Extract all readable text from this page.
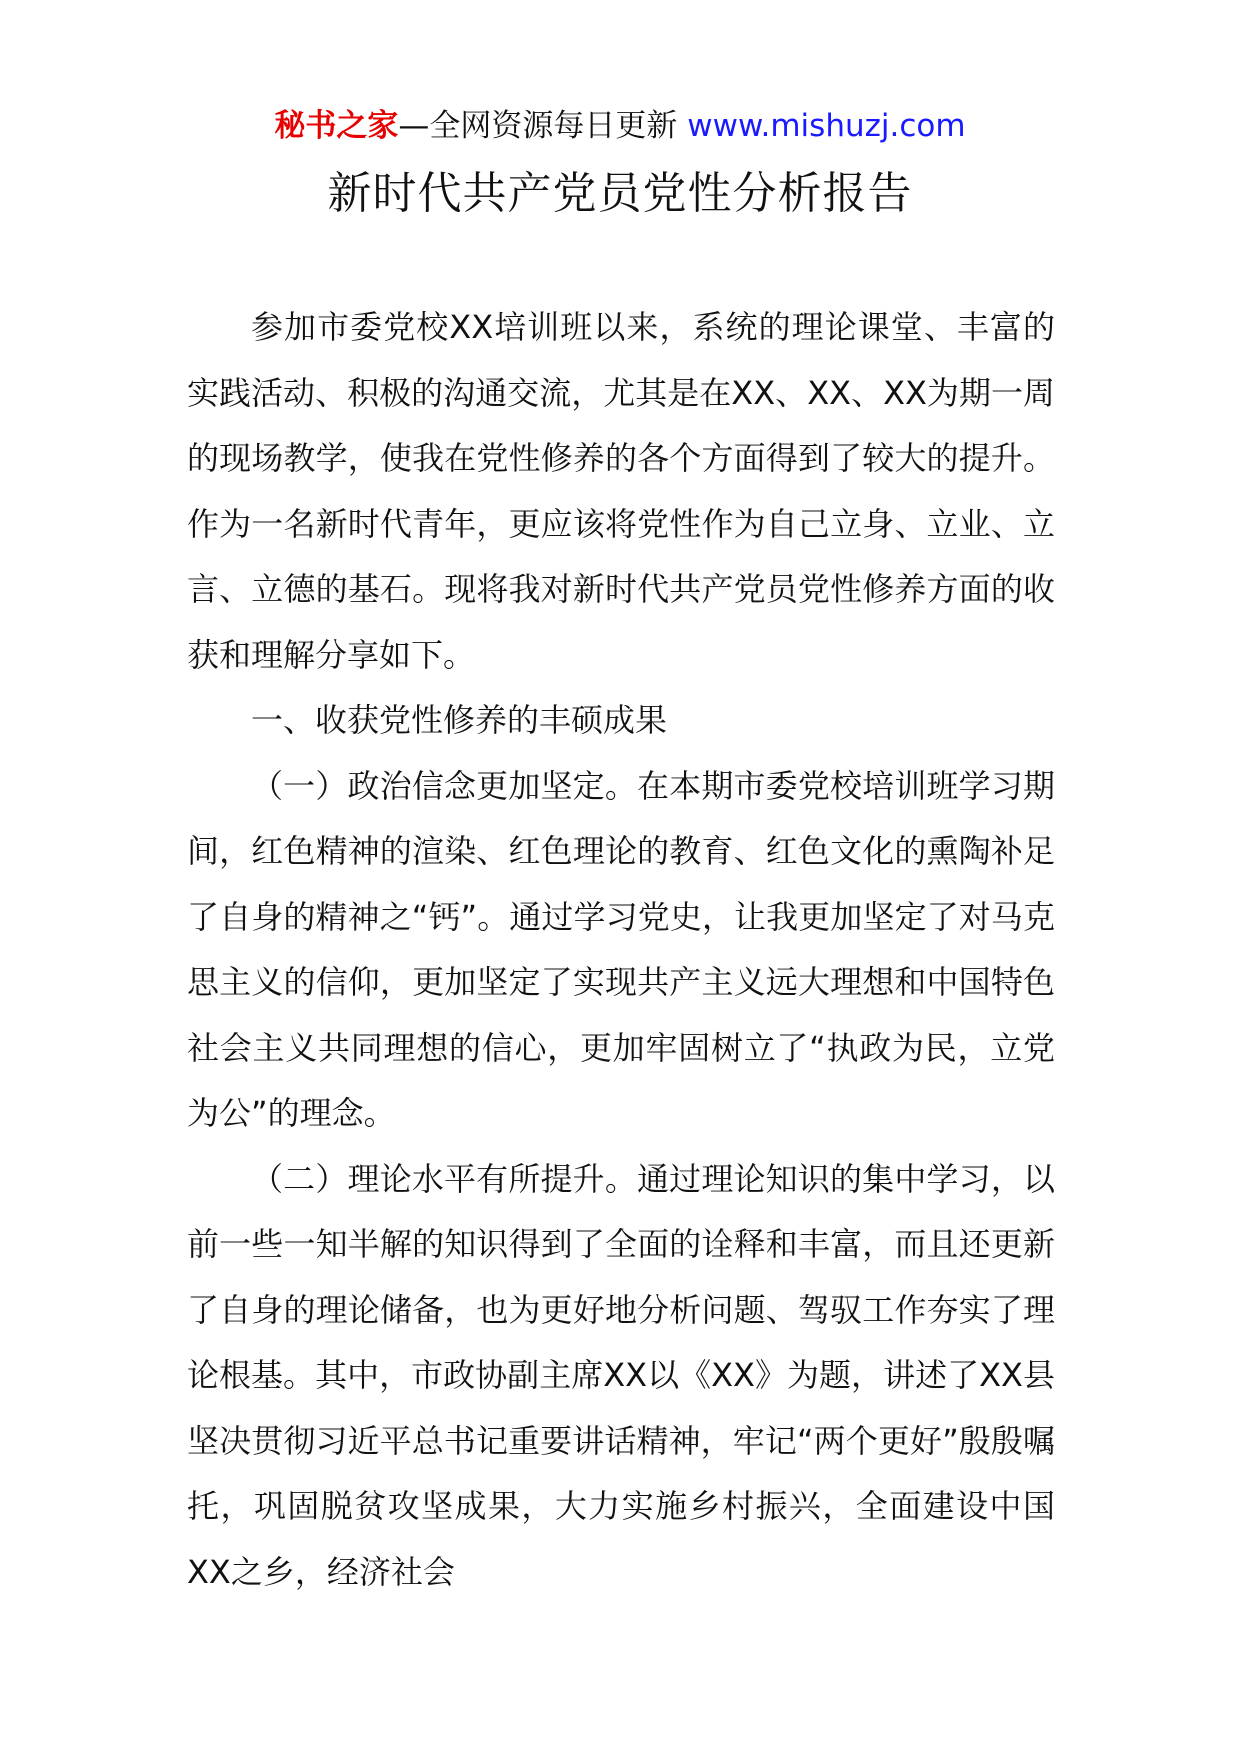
秘书之家—全网资源每日更新 www.mishuzj.com
新时代共产党员党性分析报告

参加市委党校XX培训班以来，系统的理论课堂、丰富的实践活动、积极的沟通交流，尤其是在XX、XX、XX为期一周的现场教学，使我在党性修养的各个方面得到了较大的提升。作为一名新时代青年，更应该将党性作为自己立身、立业、立言、立德的基石。现将我对新时代共产党员党性修养方面的收获和理解分享如下。

一、收获党性修养的丰硕成果

（一）政治信念更加坚定。在本期市委党校培训班学习期间，红色精神的渲染、红色理论的教育、红色文化的熏陶补足了自身的精神之“钙”。通过学习党史，让我更加坚定了对马克思主义的信仰，更加坚定了实现共产主义远大理想和中国特色社会主义共同理想的信心，更加牢固树立了“执政为民，立党为公”的理念。

（二）理论水平有所提升。通过理论知识的集中学习，以前一些一知半解的知识得到了全面的诠释和丰富，而且还更新了自身的理论储备，也为更好地分析问题、驾驭工作夯实了理论根基。其中，市政协副主席XX以《XX》为题，讲述了XX县坚决贯彻习近平总书记重要讲话精神，牢记“两个更好”殷殷嘱托，巩固脱贫攻坚成果，大力实施乡村振兴，全面建设中国XX之乡，经济社会
